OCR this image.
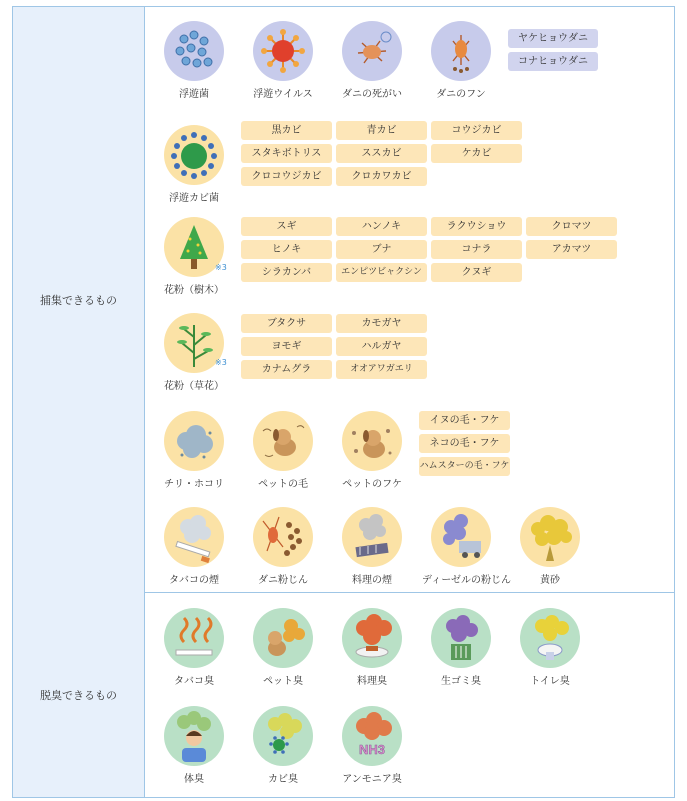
捕集できるもの
浮遊菌	浮遊ウイルス	ダニの死がい	ダニのフン
ヤケヒョウダニ
コナヒョウダニ
浮遊カビ菌
黒カビ	青カビ	コウジカビ
スタキボトリス	ススカビ	ケカビ
クロコウジカビ	クロカワカビ
花粉（樹木）
※3
スギ	ハンノキ	ラクウショウ	クロマツ
ヒノキ	ブナ	コナラ	アカマツ
シラカンバ	エンピツビャクシン	クヌギ
花粉（草花）
※3
ブタクサ	カモガヤ
ヨモギ	ハルガヤ
カナムグラ	オオアワガエリ
チリ・ホコリ	ペットの毛	ペットのフケ
イヌの毛・フケ
ネコの毛・フケ
ハムスターの毛・フケ
タバコの煙	ダニ粉じん	料理の煙	ディーゼルの粉じん	黄砂
脱臭できるもの
タバコ臭	ペット臭	料理臭	生ゴミ臭	トイレ臭
体臭	カビ臭
NH3
アンモニア臭
